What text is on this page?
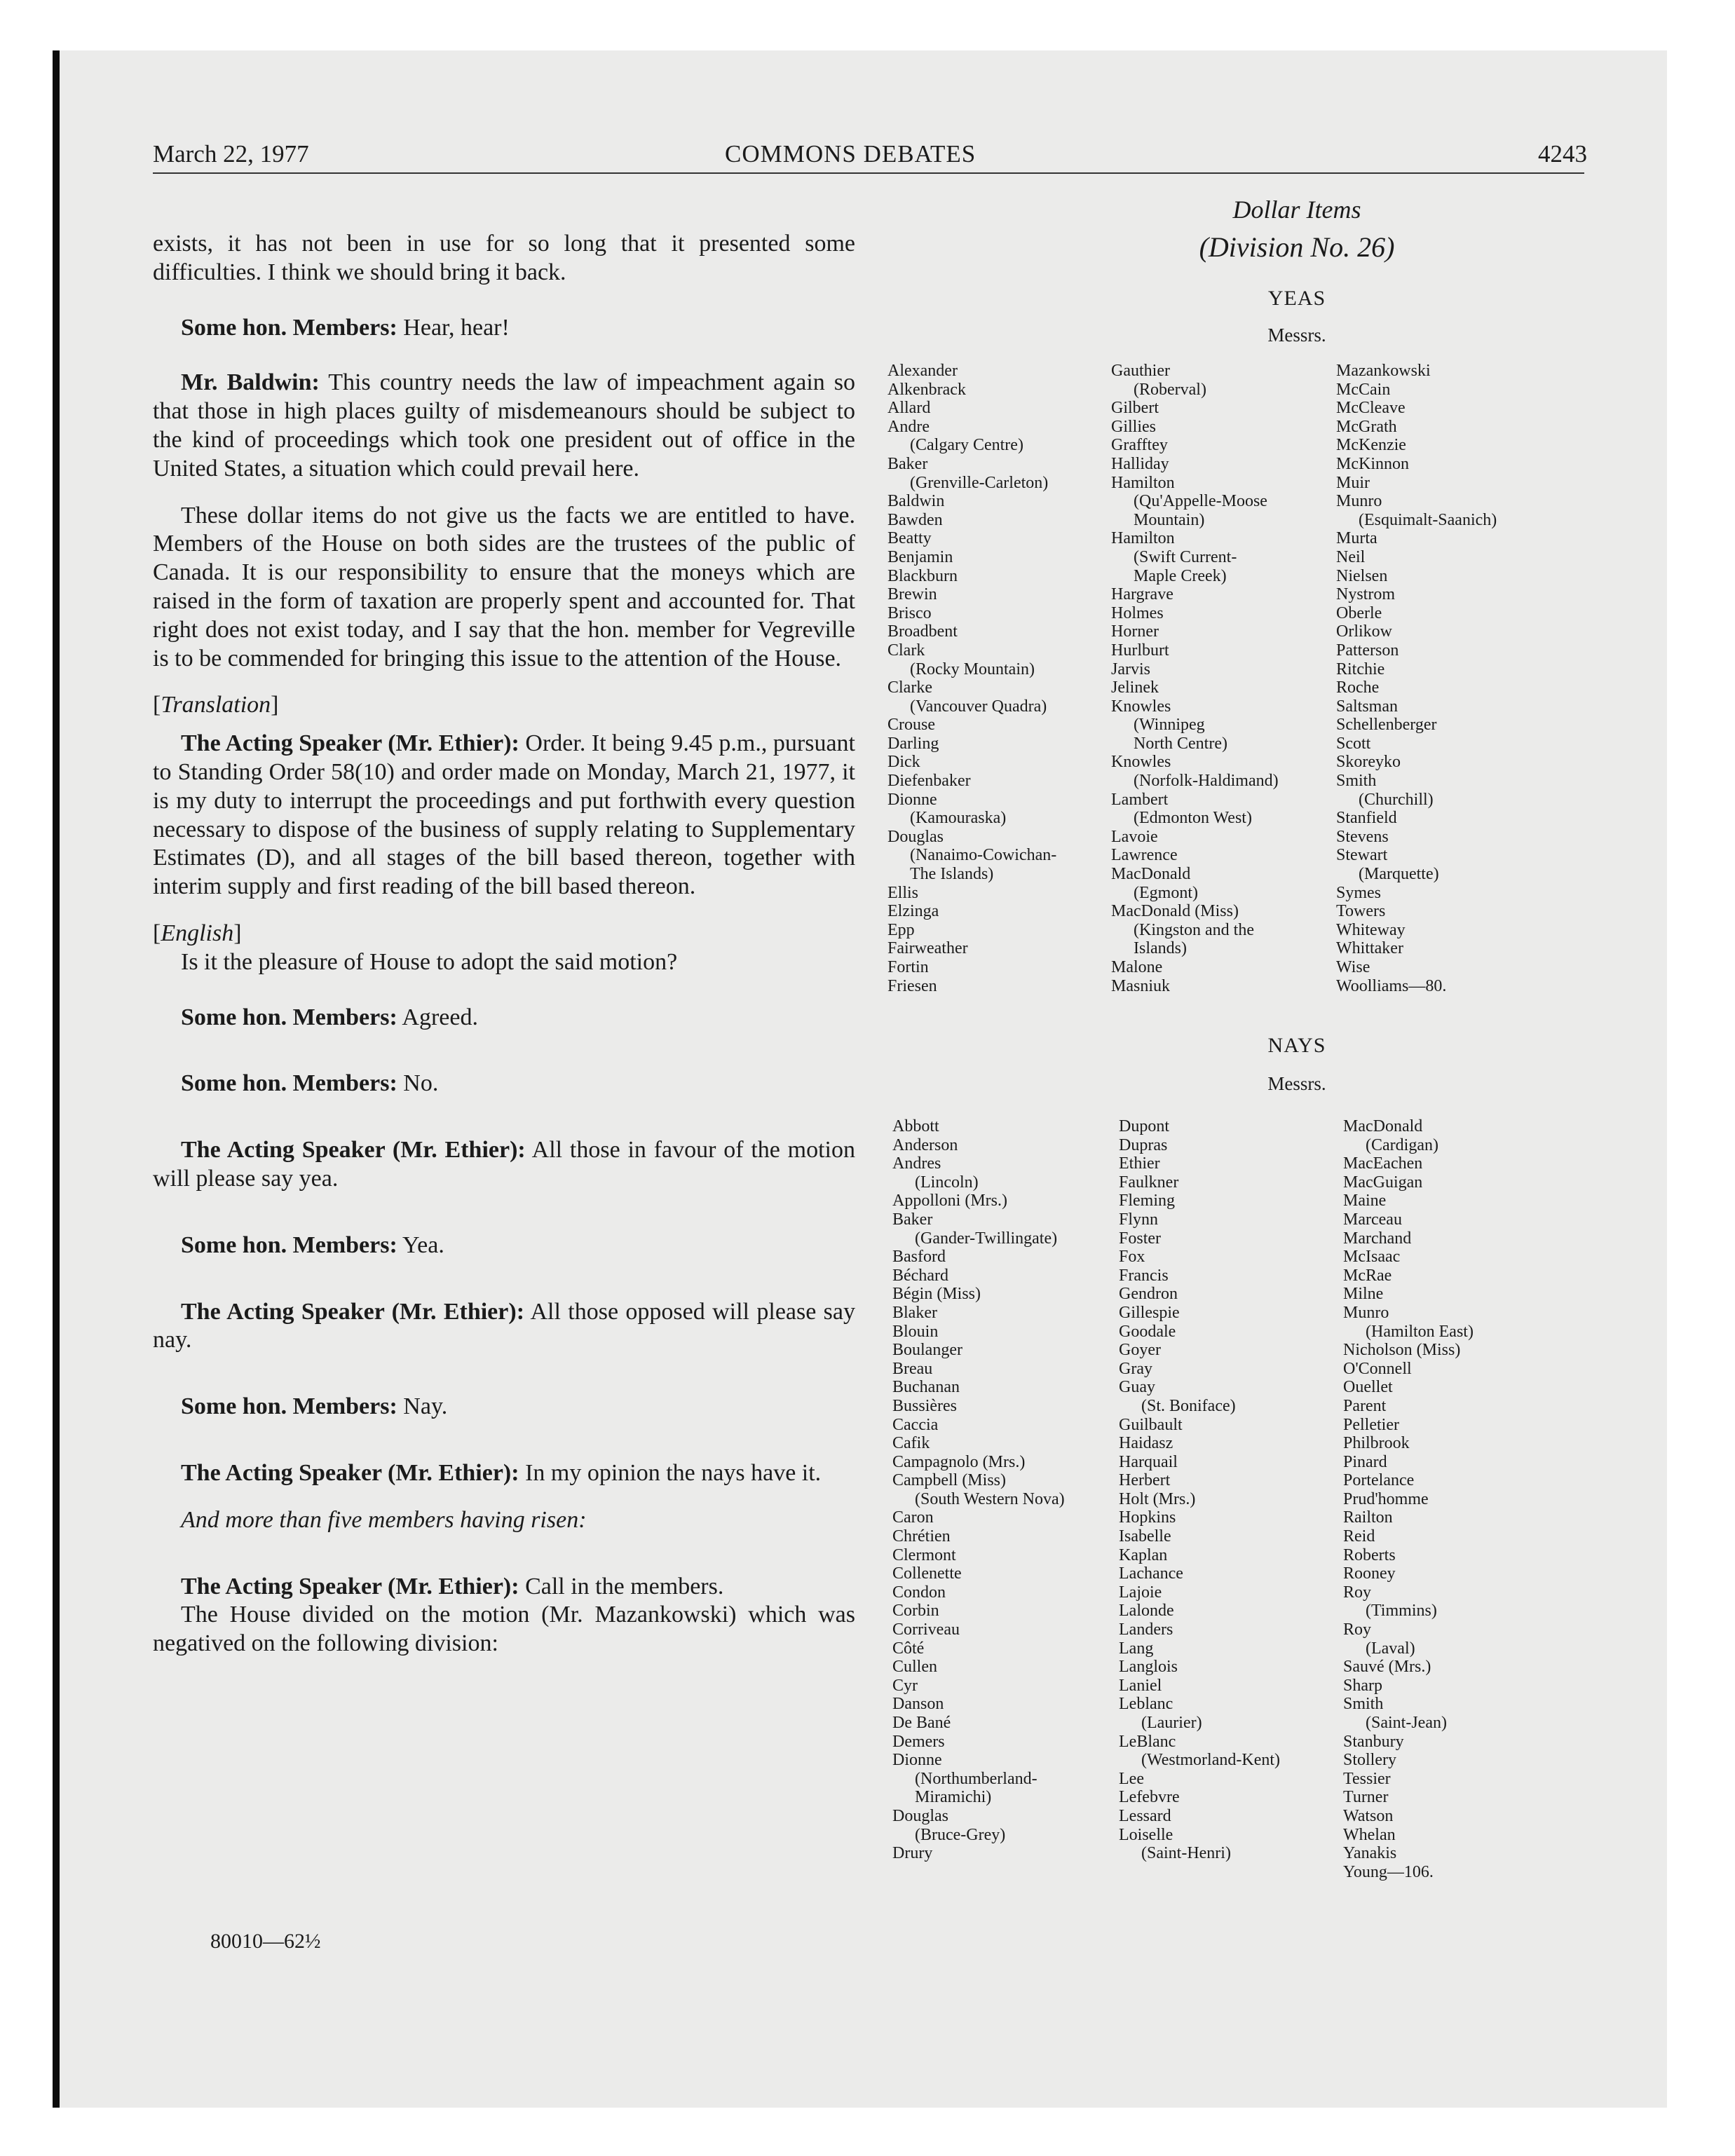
March 22, 1977	COMMONS DEBATES	4243

exists, it has not been in use for so long that it presented some difficulties. I think we should bring it back.

Some hon. Members: Hear, hear!

Mr. Baldwin: This country needs the law of impeachment again so that those in high places guilty of misdemeanours should be subject to the kind of proceedings which took one president out of office in the United States, a situation which could prevail here.

These dollar items do not give us the facts we are entitled to have. Members of the House on both sides are the trustees of the public of Canada. It is our responsibility to ensure that the moneys which are raised in the form of taxation are properly spent and accounted for. That right does not exist today, and I say that the hon. member for Vegreville is to be commended for bringing this issue to the attention of the House.

[Translation]

The Acting Speaker (Mr. Ethier): Order. It being 9.45 p.m., pursuant to Standing Order 58(10) and order made on Monday, March 21, 1977, it is my duty to interrupt the proceedings and put forthwith every question necessary to dispose of the business of supply relating to Supplementary Estimates (D), and all stages of the bill based thereon, together with interim supply and first reading of the bill based thereon.

[English]

Is it the pleasure of House to adopt the said motion?

Some hon. Members: Agreed.

Some hon. Members: No.

The Acting Speaker (Mr. Ethier): All those in favour of the motion will please say yea.

Some hon. Members: Yea.

The Acting Speaker (Mr. Ethier): All those opposed will please say nay.

Some hon. Members: Nay.

The Acting Speaker (Mr. Ethier): In my opinion the nays have it.

And more than five members having risen:

The Acting Speaker (Mr. Ethier): Call in the members.

The House divided on the motion (Mr. Mazankowski) which was negatived on the following division:

80010—62½
Dollar Items
(Division No. 26)
YEAS
Messrs.
Alexander
Alkenbrack
Allard
Andre
(Calgary Centre)
Baker
(Grenville-Carleton)
Baldwin
Bawden
Beatty
Benjamin
Blackburn
Brewin
Brisco
Broadbent
Clark
(Rocky Mountain)
Clarke
(Vancouver Quadra)
Crouse
Darling
Dick
Diefenbaker
Dionne
(Kamouraska)
Douglas
(Nanaimo-Cowichan-
The Islands)
Ellis
Elzinga
Epp
Fairweather
Fortin
Friesen
Gauthier
(Roberval)
Gilbert
Gillies
Grafftey
Halliday
Hamilton
(Qu'Appelle-Moose
Mountain)
Hamilton
(Swift Current-
Maple Creek)
Hargrave
Holmes
Horner
Hurlburt
Jarvis
Jelinek
Knowles
(Winnipeg
North Centre)
Knowles
(Norfolk-Haldimand)
Lambert
(Edmonton West)
Lavoie
Lawrence
MacDonald
(Egmont)
MacDonald (Miss)
(Kingston and the
Islands)
Malone
Masniuk
Mazankowski
McCain
McCleave
McGrath
McKenzie
McKinnon
Muir
Munro
(Esquimalt-Saanich)
Murta
Neil
Nielsen
Nystrom
Oberle
Orlikow
Patterson
Ritchie
Roche
Saltsman
Schellenberger
Scott
Skoreyko
Smith
(Churchill)
Stanfield
Stevens
Stewart
(Marquette)
Symes
Towers
Whiteway
Whittaker
Wise
Woolliams—80.
NAYS
Messrs.
Abbott
Anderson
Andres
(Lincoln)
Appolloni (Mrs.)
Baker
(Gander-Twillingate)
Basford
Béchard
Bégin (Miss)
Blaker
Blouin
Boulanger
Breau
Buchanan
Bussières
Caccia
Cafik
Campagnolo (Mrs.)
Campbell (Miss)
(South Western Nova)
Caron
Chrétien
Clermont
Collenette
Condon
Corbin
Corriveau
Côté
Cullen
Cyr
Danson
De Bané
Demers
Dionne
(Northumberland-
Miramichi)
Douglas
(Bruce-Grey)
Drury
Dupont
Dupras
Ethier
Faulkner
Fleming
Flynn
Foster
Fox
Francis
Gendron
Gillespie
Goodale
Goyer
Gray
Guay
(St. Boniface)
Guilbault
Haidasz
Harquail
Herbert
Holt (Mrs.)
Hopkins
Isabelle
Kaplan
Lachance
Lajoie
Lalonde
Landers
Lang
Langlois
Laniel
Leblanc
(Laurier)
LeBlanc
(Westmorland-Kent)
Lee
Lefebvre
Lessard
Loiselle
(Saint-Henri)
MacDonald
(Cardigan)
MacEachen
MacGuigan
Maine
Marceau
Marchand
McIsaac
McRae
Milne
Munro
(Hamilton East)
Nicholson (Miss)
O'Connell
Ouellet
Parent
Pelletier
Philbrook
Pinard
Portelance
Prud'homme
Railton
Reid
Roberts
Rooney
Roy
(Timmins)
Roy
(Laval)
Sauvé (Mrs.)
Sharp
Smith
(Saint-Jean)
Stanbury
Stollery
Tessier
Turner
Watson
Whelan
Yanakis
Young—106.
